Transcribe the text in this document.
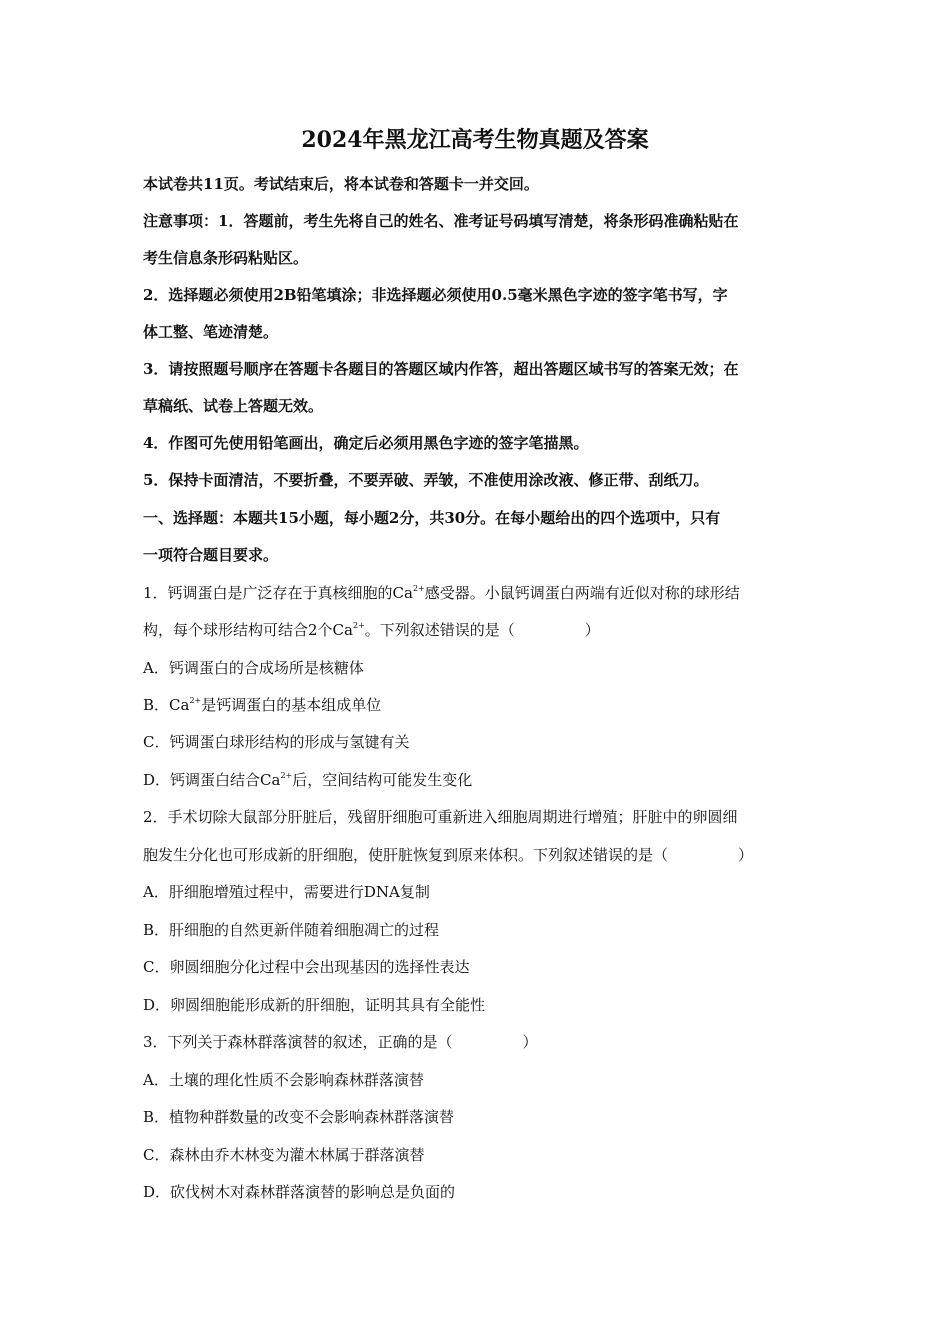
2024年黑龙江高考生物真题及答案
本试卷共11页。考试结束后，将本试卷和答题卡一并交回。
注意事项：1．答题前，考生先将自己的姓名、准考证号码填写清楚，将条形码准确粘贴在
考生信息条形码粘贴区。
2．选择题必须使用2B铅笔填涂；非选择题必须使用0.5毫米黑色字迹的签字笔书写，字
体工整、笔迹清楚。
3．请按照题号顺序在答题卡各题目的答题区域内作答，超出答题区域书写的答案无效；在
草稿纸、试卷上答题无效。
4．作图可先使用铅笔画出，确定后必须用黑色字迹的签字笔描黑。
5．保持卡面清洁，不要折叠，不要弄破、弄皱，不准使用涂改液、修正带、刮纸刀。
一、选择题：本题共15小题，每小题2分，共30分。在每小题给出的四个选项中，只有
一项符合题目要求。
1．钙调蛋白是广泛存在于真核细胞的$Ca^{2+}$感受器。小鼠钙调蛋白两端有近似对称的球形结
构，每个球形结构可结合2个$Ca^{2+}$。下列叙述错误的是（	）
A．钙调蛋白的合成场所是核糖体
B．$Ca^{2+}$是钙调蛋白的基本组成单位
C．钙调蛋白球形结构的形成与氢键有关
D．钙调蛋白结合$Ca^{2+}$后，空间结构可能发生变化
2．手术切除大鼠部分肝脏后，残留肝细胞可重新进入细胞周期进行增殖；肝脏中的卵圆细
胞发生分化也可形成新的肝细胞，使肝脏恢复到原来体积。下列叙述错误的是（	）
A．肝细胞增殖过程中，需要进行DNA复制
B．肝细胞的自然更新伴随着细胞凋亡的过程
C．卵圆细胞分化过程中会出现基因的选择性表达
D．卵圆细胞能形成新的肝细胞，证明其具有全能性
3．下列关于森林群落演替的叙述，正确的是（	）
A．土壤的理化性质不会影响森林群落演替
B．植物种群数量的改变不会影响森林群落演替
C．森林由乔木林变为灌木林属于群落演替
D．砍伐树木对森林群落演替的影响总是负面的
